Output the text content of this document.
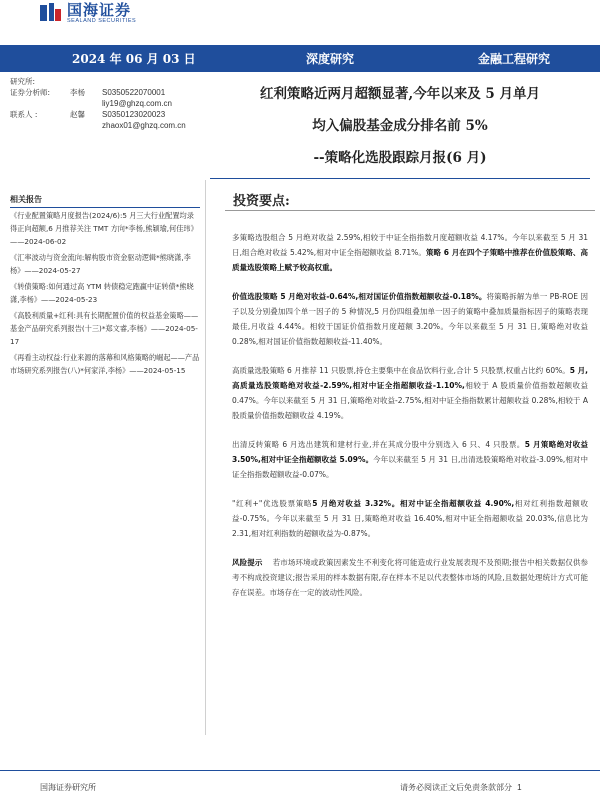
国海证券
SEALAND SECURITIES
2024 年 06 月 03 日	深度研究	金融工程研究
研究所:
证券分析师:	李杨	S0350522070001
liy19@ghzq.com.cn
联系人 :	赵馨	S0350123020023
zhaox01@ghzq.com.cn
相关报告
《行业配置策略月度报告(2024/6):5 月三大行业配置均录得正向超额,6 月推荐关注 TMT 方向*李杨,熊颖瑜,何佳玮》——2024-06-02
《汇率波动与资金流向:解构股市资金驱动逻辑*熊晓潇,李杨》——2024-05-27
《转债策略:如何通过高 YTM 转债稳定跑赢中证转债*熊晓潇,李杨》——2024-05-23
《高股利质量+红利:具有长期配置价值的权益基金策略——基金产品研究系列报告(十三)*郑文睿,李杨》——2024-05-17
《再看主动权益:行业来源的落幕和风格策略的崛起——产品市场研究系列报告(八)*何家洋,李杨》——2024-05-15
红利策略近两月超额显著,今年以来及 5 月单月
均入偏股基金成分排名前 5%
--策略化选股跟踪月报(6 月)
投资要点:

多策略选股组合 5 月绝对收益 2.59%,相较于中证全指指数月度超额收益 4.17%。今年以来截至 5 月 31 日,组合绝对收益 5.42%,相对中证全指超额收益 8.71%。策略 6 月在四个子策略中推荐在价值股策略、高质量选股策略上赋予较高权重。

价值选股策略 5 月绝对收益-0.64%,相对国证价值指数超额收益-0.18%。将策略拆解为单一 PB-ROE 因子以及分别叠加四个单一因子的 5 种情况,5 月份四组叠加单一因子的策略中叠加质量指标因子的策略表现最佳,月收益 4.44%。相较于国证价值指数月度超额 3.20%。今年以来截至 5 月 31 日,策略绝对收益 0.28%,相对国证价值指数超额收益-11.40%。

高质量选股策略 6 月推荐 11 只股票,持仓主要集中在食品饮料行业,合计 5 只股票,权重占比约 60%。5 月,高质量选股策略绝对收益-2.59%,相对中证全指超额收益-1.10%,相较于 A 股质量价值指数超额收益 0.47%。今年以来截至 5 月 31 日,策略绝对收益-2.75%,相对中证全指指数累计超额收益 0.28%,相较于 A 股质量价值指数超额收益 4.19%。

出清反转策略 6 月选出建筑和建材行业,并在其成分股中分别选入 6 只、4 只股票。5 月策略绝对收益 3.50%,相对中证全指超额收益 5.09%。今年以来截至 5 月 31 日,出清选股策略绝对收益-3.09%,相对中证全指指数超额收益-0.07%。

"红利+"优选股票策略5 月绝对收益 3.32%。相对中证全指超额收益 4.90%,相对红利指数超额收益-0.75%。今年以来截至 5 月 31 日,策略绝对收益 16.40%,相对中证全指超额收益 20.03%,信息比为 2.31,相对红利指数的超额收益为-0.87%。

风险提示 若市场环境或政策因素发生不利变化将可能造成行业发展表现不及预期;报告中相关数据仅供参考不构成投资建议;报告采用的样本数据有限,存在样本不足以代表整体市场的风险,且数据处理统计方式可能存在误差。市场存在一定的波动性风险。

国海证券研究所	请务必阅读正文后免责条款部分 1
